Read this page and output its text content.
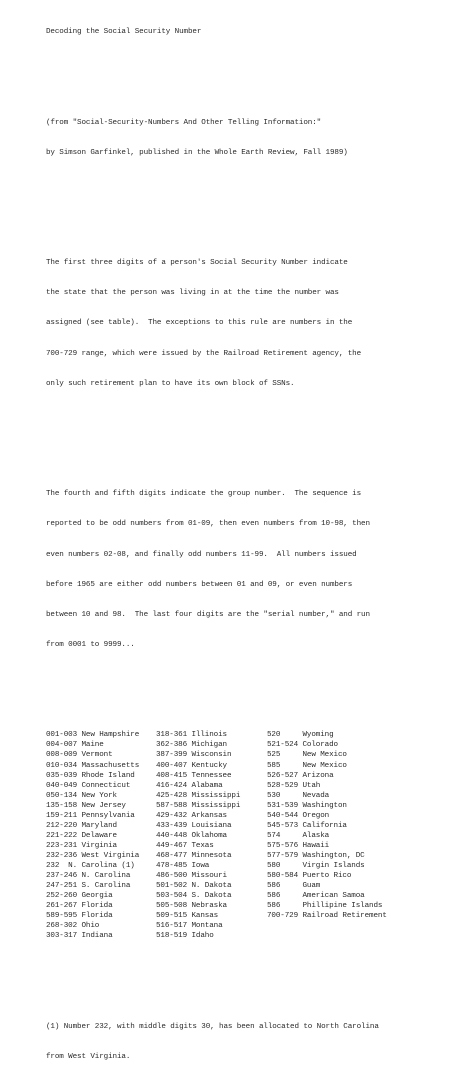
Decoding the Social Security Number

(from "Social-Security-Numbers And Other Telling Information:"

by Simson Garfinkel, published in the Whole Earth Review, Fall 1989)

The first three digits of a person's Social Security Number indicate

the state that the person was living in at the time the number was

assigned (see table).  The exceptions to this rule are numbers in the

700-729 range, which were issued by the Railroad Retirement agency, the

only such retirement plan to have its own block of SSNs.

The fourth and fifth digits indicate the group number.  The sequence is

reported to be odd numbers from 01-09, then even numbers from 10-98, then

even numbers 02-08, and finally odd numbers 11-99.  All numbers issued

before 1965 are either odd numbers between 01 and 09, or even numbers

between 10 and 98.  The last four digits are the "serial number," and run

from 0001 to 9999...

001-003 New Hampshire
004-007 Maine
008-009 Vermont
010-034 Massachusetts
035-039 Rhode Island
040-049 Connecticut
050-134 New York
135-158 New Jersey
159-211 Pennsylvania
212-220 Maryland
221-222 Delaware
223-231 Virginia
232-236 West Virginia
232  N. Carolina (1)
237-246 N. Carolina
247-251 S. Carolina
252-260 Georgia
261-267 Florida
589-595 Florida
268-302 Ohio
303-317 Indiana
318-361 Illinois
362-386 Michigan
387-399 Wisconsin
400-407 Kentucky
408-415 Tennessee
416-424 Alabama
425-428 Mississippi
587-588 Mississippi
429-432 Arkansas
433-439 Louisiana
440-448 Oklahoma
449-467 Texas
468-477 Minnesota
478-485 Iowa
486-500 Missouri
501-502 N. Dakota
503-504 S. Dakota
505-508 Nebraska
509-515 Kansas
516-517 Montana
518-519 Idaho
520     Wyoming
521-524 Colorado
525     New Mexico
585     New Mexico
526-527 Arizona
528-529 Utah
530     Nevada
531-539 Washington
540-544 Oregon
545-573 California
574     Alaska
575-576 Hawaii
577-579 Washington, DC
580     Virgin Islands
580-584 Puerto Rico
586     Guam
586     American Samoa
586     Phillipine Islands
700-729 Railroad Retirement

(1) Number 232, with middle digits 30, has been allocated to North Carolina

from West Virginia.
